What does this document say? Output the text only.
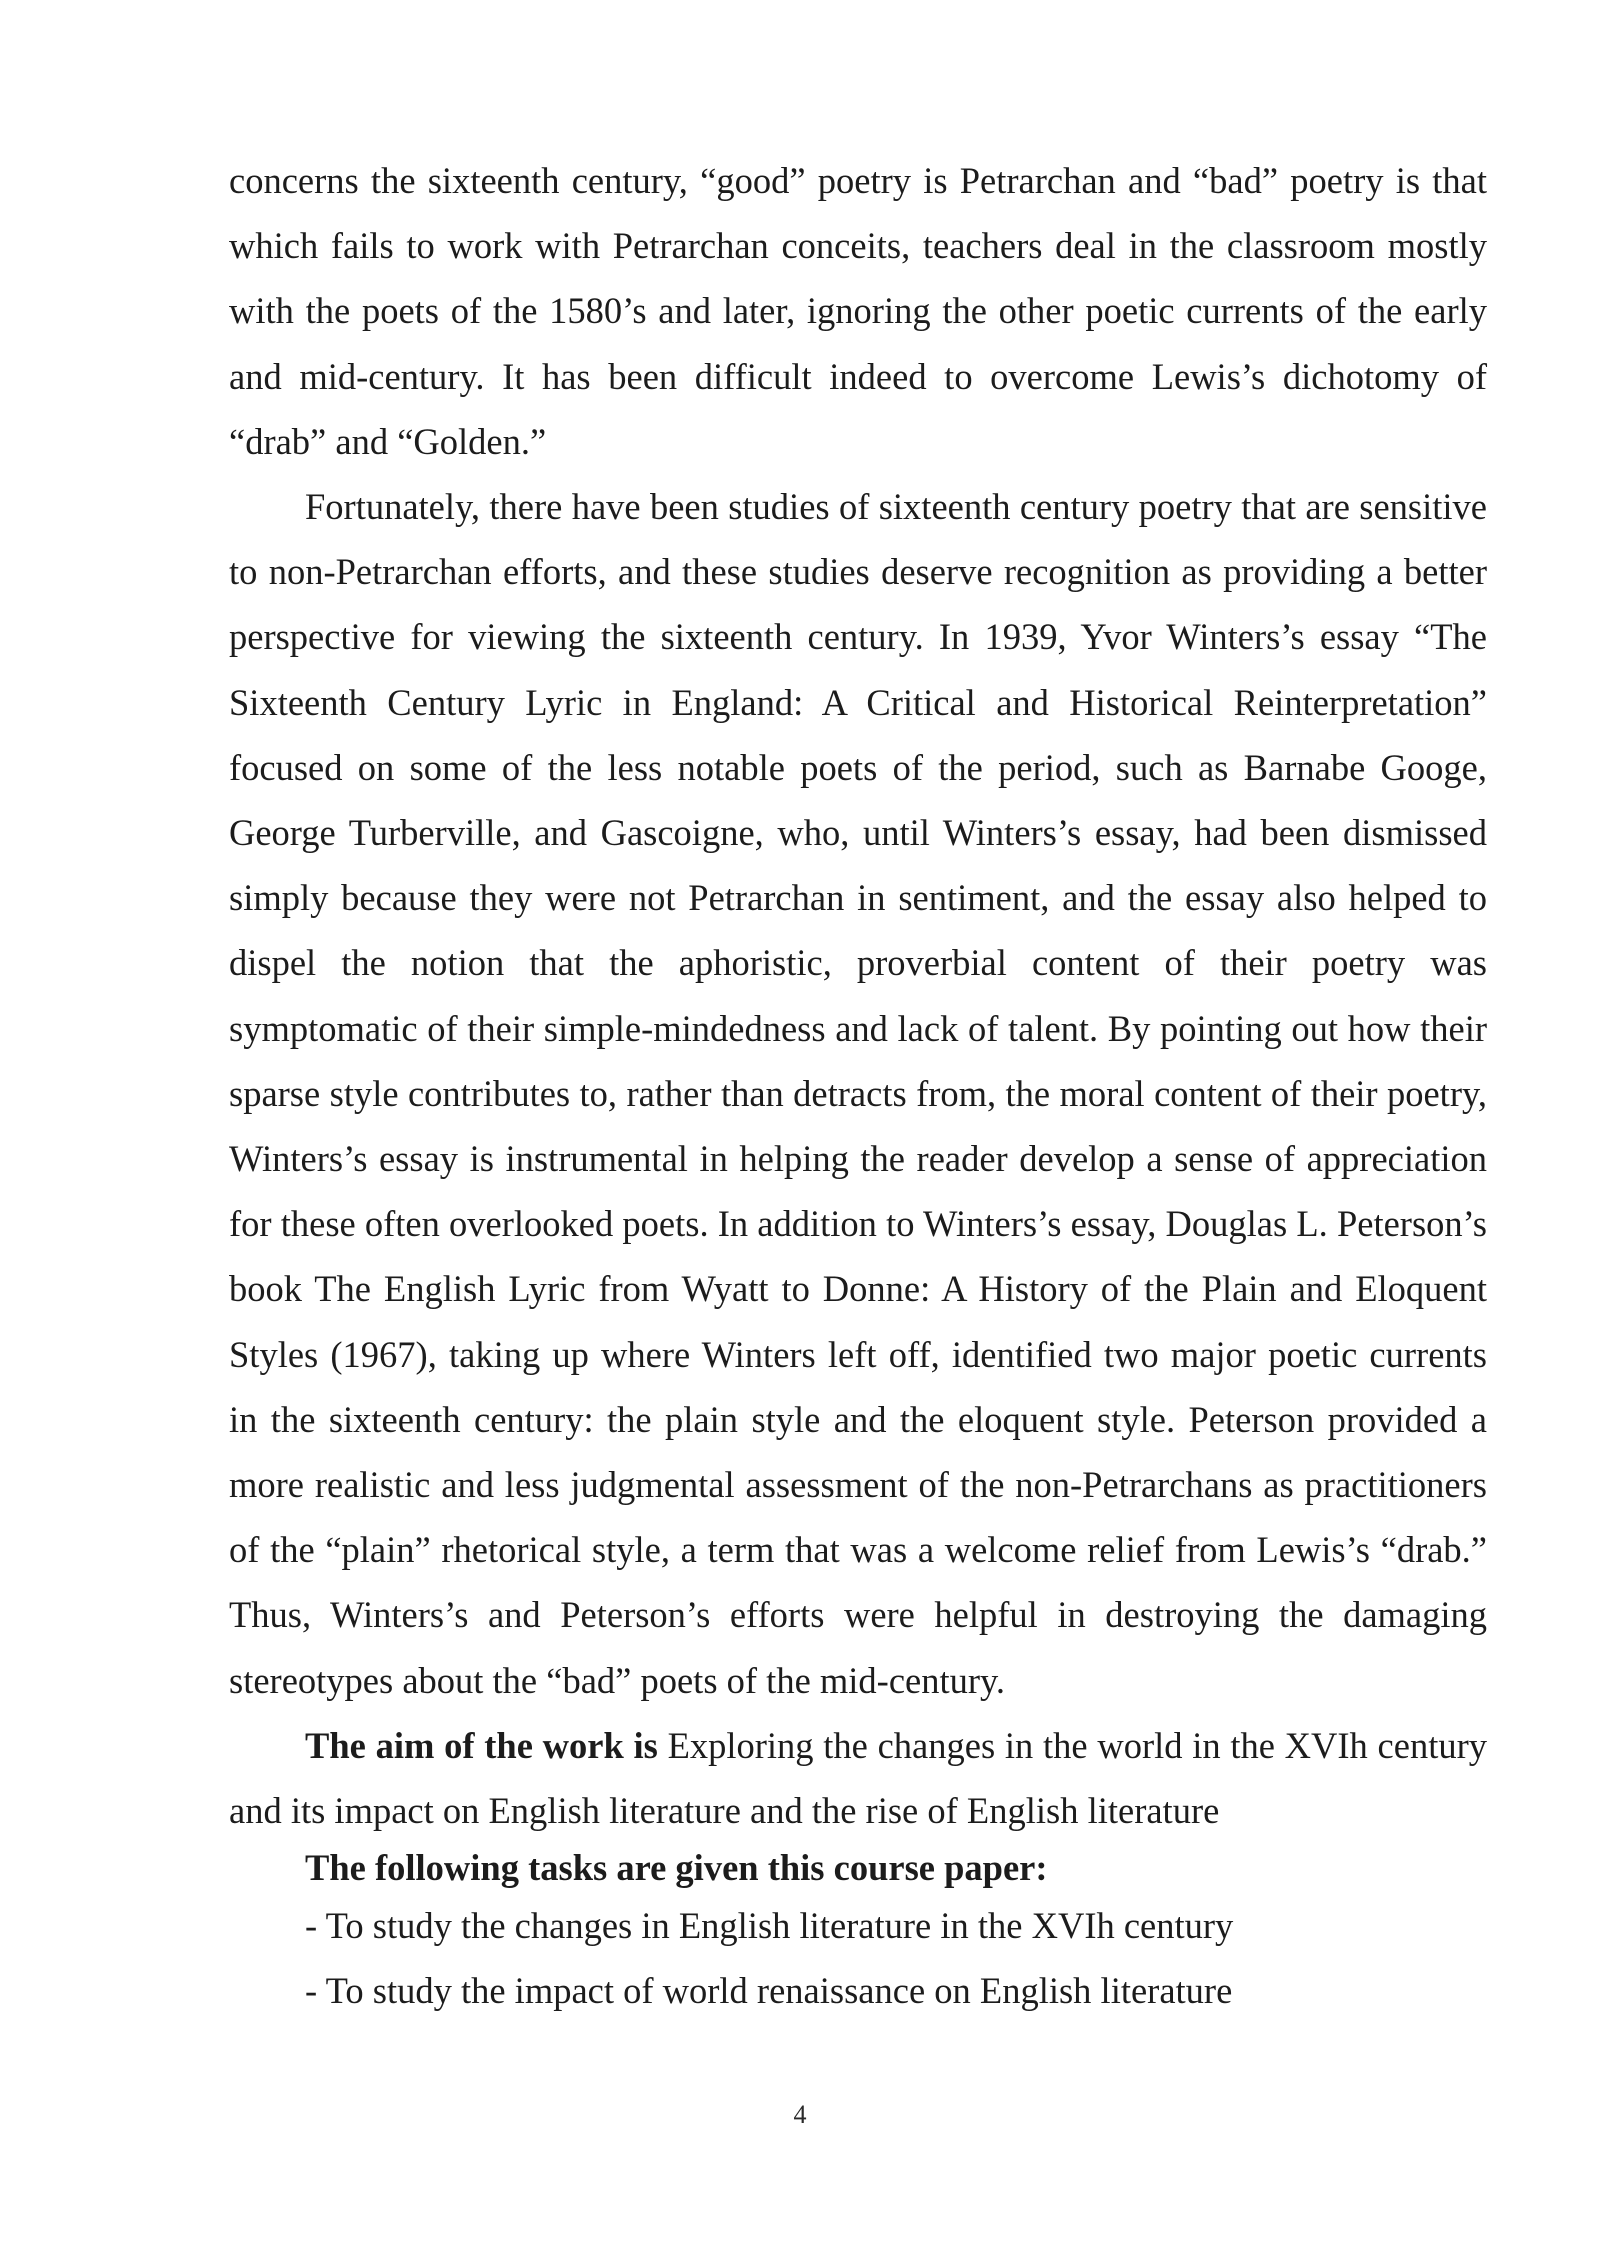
concerns the sixteenth century, “good” poetry is Petrarchan and “bad” poetry is that which fails to work with Petrarchan conceits, teachers deal in the classroom mostly with the poets of the 1580’s and later, ignoring the other poetic currents of the early and mid-century. It has been difficult indeed to overcome Lewis’s dichotomy of “drab” and “Golden.”

Fortunately, there have been studies of sixteenth century poetry that are sensitive to non-Petrarchan efforts, and these studies deserve recognition as providing a better perspective for viewing the sixteenth century. In 1939, Yvor Winters’s essay “The Sixteenth Century Lyric in England: A Critical and Historical Reinterpretation” focused on some of the less notable poets of the period, such as Barnabe Googe, George Turberville, and Gascoigne, who, until Winters’s essay, had been dismissed simply because they were not Petrarchan in sentiment, and the essay also helped to dispel the notion that the aphoristic, proverbial content of their poetry was symptomatic of their simple-mindedness and lack of talent. By pointing out how their sparse style contributes to, rather than detracts from, the moral content of their poetry, Winters’s essay is instrumental in helping the reader develop a sense of appreciation for these often overlooked poets. In addition to Winters’s essay, Douglas L. Peterson’s book The English Lyric from Wyatt to Donne: A History of the Plain and Eloquent Styles (1967), taking up where Winters left off, identified two major poetic currents in the sixteenth century: the plain style and the eloquent style. Peterson provided a more realistic and less judgmental assessment of the non-Petrarchans as practitioners of the “plain” rhetorical style, a term that was a welcome relief from Lewis’s “drab.” Thus, Winters’s and Peterson’s efforts were helpful in destroying the damaging stereotypes about the “bad” poets of the mid-century.

The aim of the work is Exploring the changes in the world in the XVIh century and its impact on English literature and the rise of English literature

The following tasks are given this course paper:

- To study the changes in English literature in the XVIh century

- To study the impact of world renaissance on English literature

4
